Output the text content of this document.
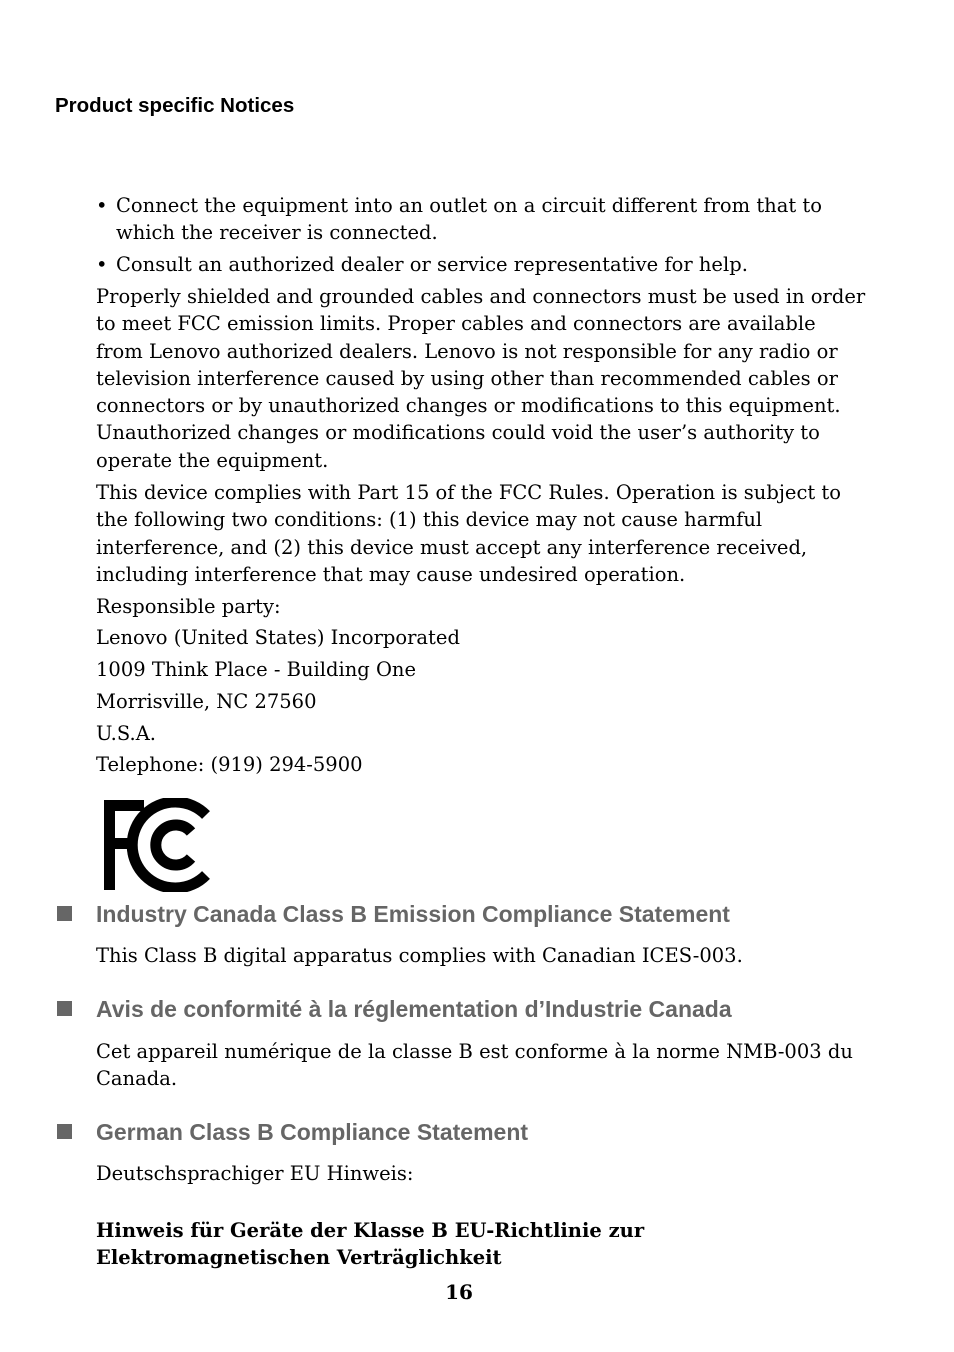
Product specific Notices
• Connect the equipment into an outlet on a circuit different from that to which the receiver is connected.
• Consult an authorized dealer or service representative for help.

Properly shielded and grounded cables and connectors must be used in order to meet FCC emission limits. Proper cables and connectors are available from Lenovo authorized dealers. Lenovo is not responsible for any radio or television interference caused by using other than recommended cables or connectors or by unauthorized changes or modifications to this equipment. Unauthorized changes or modifications could void the user’s authority to operate the equipment.

This device complies with Part 15 of the FCC Rules. Operation is subject to the following two conditions: (1) this device may not cause harmful interference, and (2) this device must accept any interference received, including interference that may cause undesired operation.

Responsible party:

Lenovo (United States) Incorporated

1009 Think Place - Building One

Morrisville, NC 27560

U.S.A.

Telephone: (919) 294-5900

Industry Canada Class B Emission Compliance Statement

This Class B digital apparatus complies with Canadian ICES-003.

Avis de conformité à la réglementation d’Industrie Canada

Cet appareil numérique de la classe B est conforme à la norme NMB-003 du Canada.

German Class B Compliance Statement

Deutschsprachiger EU Hinweis:

Hinweis für Geräte der Klasse B EU-Richtlinie zur Elektromagnetischen Verträglichkeit
16
